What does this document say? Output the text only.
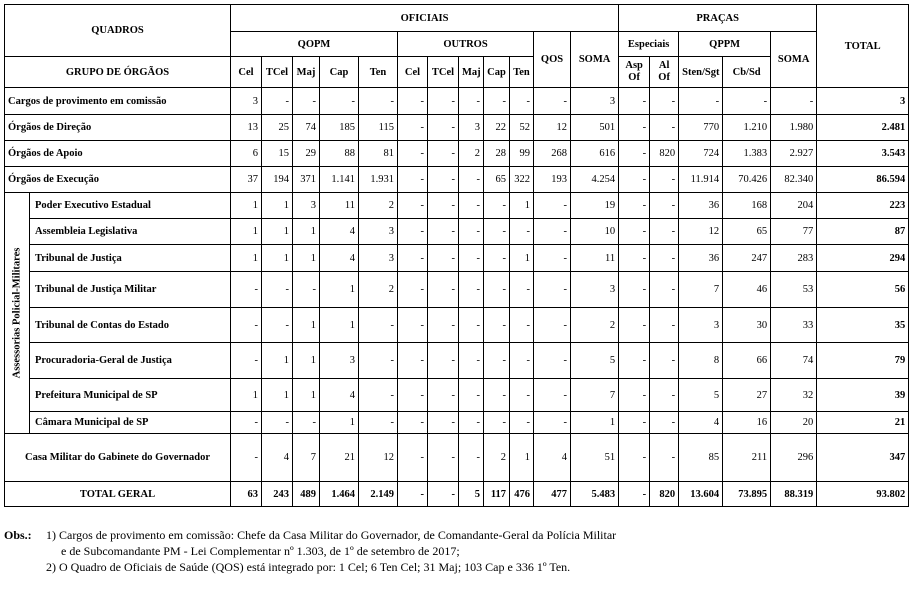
QUADROS		OFICIAIS												PRAÇAS					TOTAL
		QOPM					OUTROS					QOS	SOMA	Especiais		QPPM		SOMA	
GRUPO DE ÓRGÃOS		Cel	TCel	Maj	Cap	Ten	Cel	TCel	Maj	Cap	Ten			Asp Of	Al Of	Sten/Sgt	Cb/Sd		
Cargos de provimento em comissão		3	-	-	-	-	-	-	-	-	-	-	3	-	-	-	-	-	3
Órgãos de Direção		13	25	74	185	115	-	-	3	22	52	12	501	-	-	770	1.210	1.980	2.481
Órgãos de Apoio		6	15	29	88	81	-	-	2	28	99	268	616	-	820	724	1.383	2.927	3.543
Órgãos de Execução		37	194	371	1.141	1.931	-	-	-	65	322	193	4.254	-	-	11.914	70.426	82.340	86.594

Assessorias Policial-Militares	Poder Executivo Estadual	1	1	3	11	2	-	-	-	-	1	-	19	-	-	36	168	204	223
	Assembleia Legislativa	1	1	1	4	3	-	-	-	-	-	-	10	-	-	12	65	77	87
	Tribunal de Justiça	1	1	1	4	3	-	-	-	-	1	-	11	-	-	36	247	283	294
	Tribunal de Justiça Militar	-	-	-	1	2	-	-	-	-	-	-	3	-	-	7	46	53	56
	Tribunal de Contas do Estado	-	-	1	1	-	-	-	-	-	-	-	2	-	-	3	30	33	35
	Procuradoria-Geral de Justiça	-	1	1	3	-	-	-	-	-	-	-	5	-	-	8	66	74	79
	Prefeitura Municipal de SP	1	1	1	4	-	-	-	-	-	-	-	7	-	-	5	27	32	39
	Câmara Municipal de SP	-	-	-	1	-	-	-	-	-	-	-	1	-	-	4	16	20	21
Casa Militar do Gabinete do Governador		-	4	7	21	12	-	-	-	2	1	4	51	-	-	85	211	296	347
TOTAL GERAL		63	243	489	1.464	2.149	-	-	5	117	476	477	5.483	-	820	13.604	73.895	88.319	93.802
Obs.: 1) Cargos de provimento em comissão: Chefe da Casa Militar do Governador, de Comandante-Geral da Polícia Militar
e de Subcomandante PM - Lei Complementar nº 1.303, de 1º de setembro de 2017;
2) O Quadro de Oficiais de Saúde (QOS) está integrado por: 1 Cel; 6 Ten Cel; 31 Maj; 103 Cap e 336 1º Ten.
